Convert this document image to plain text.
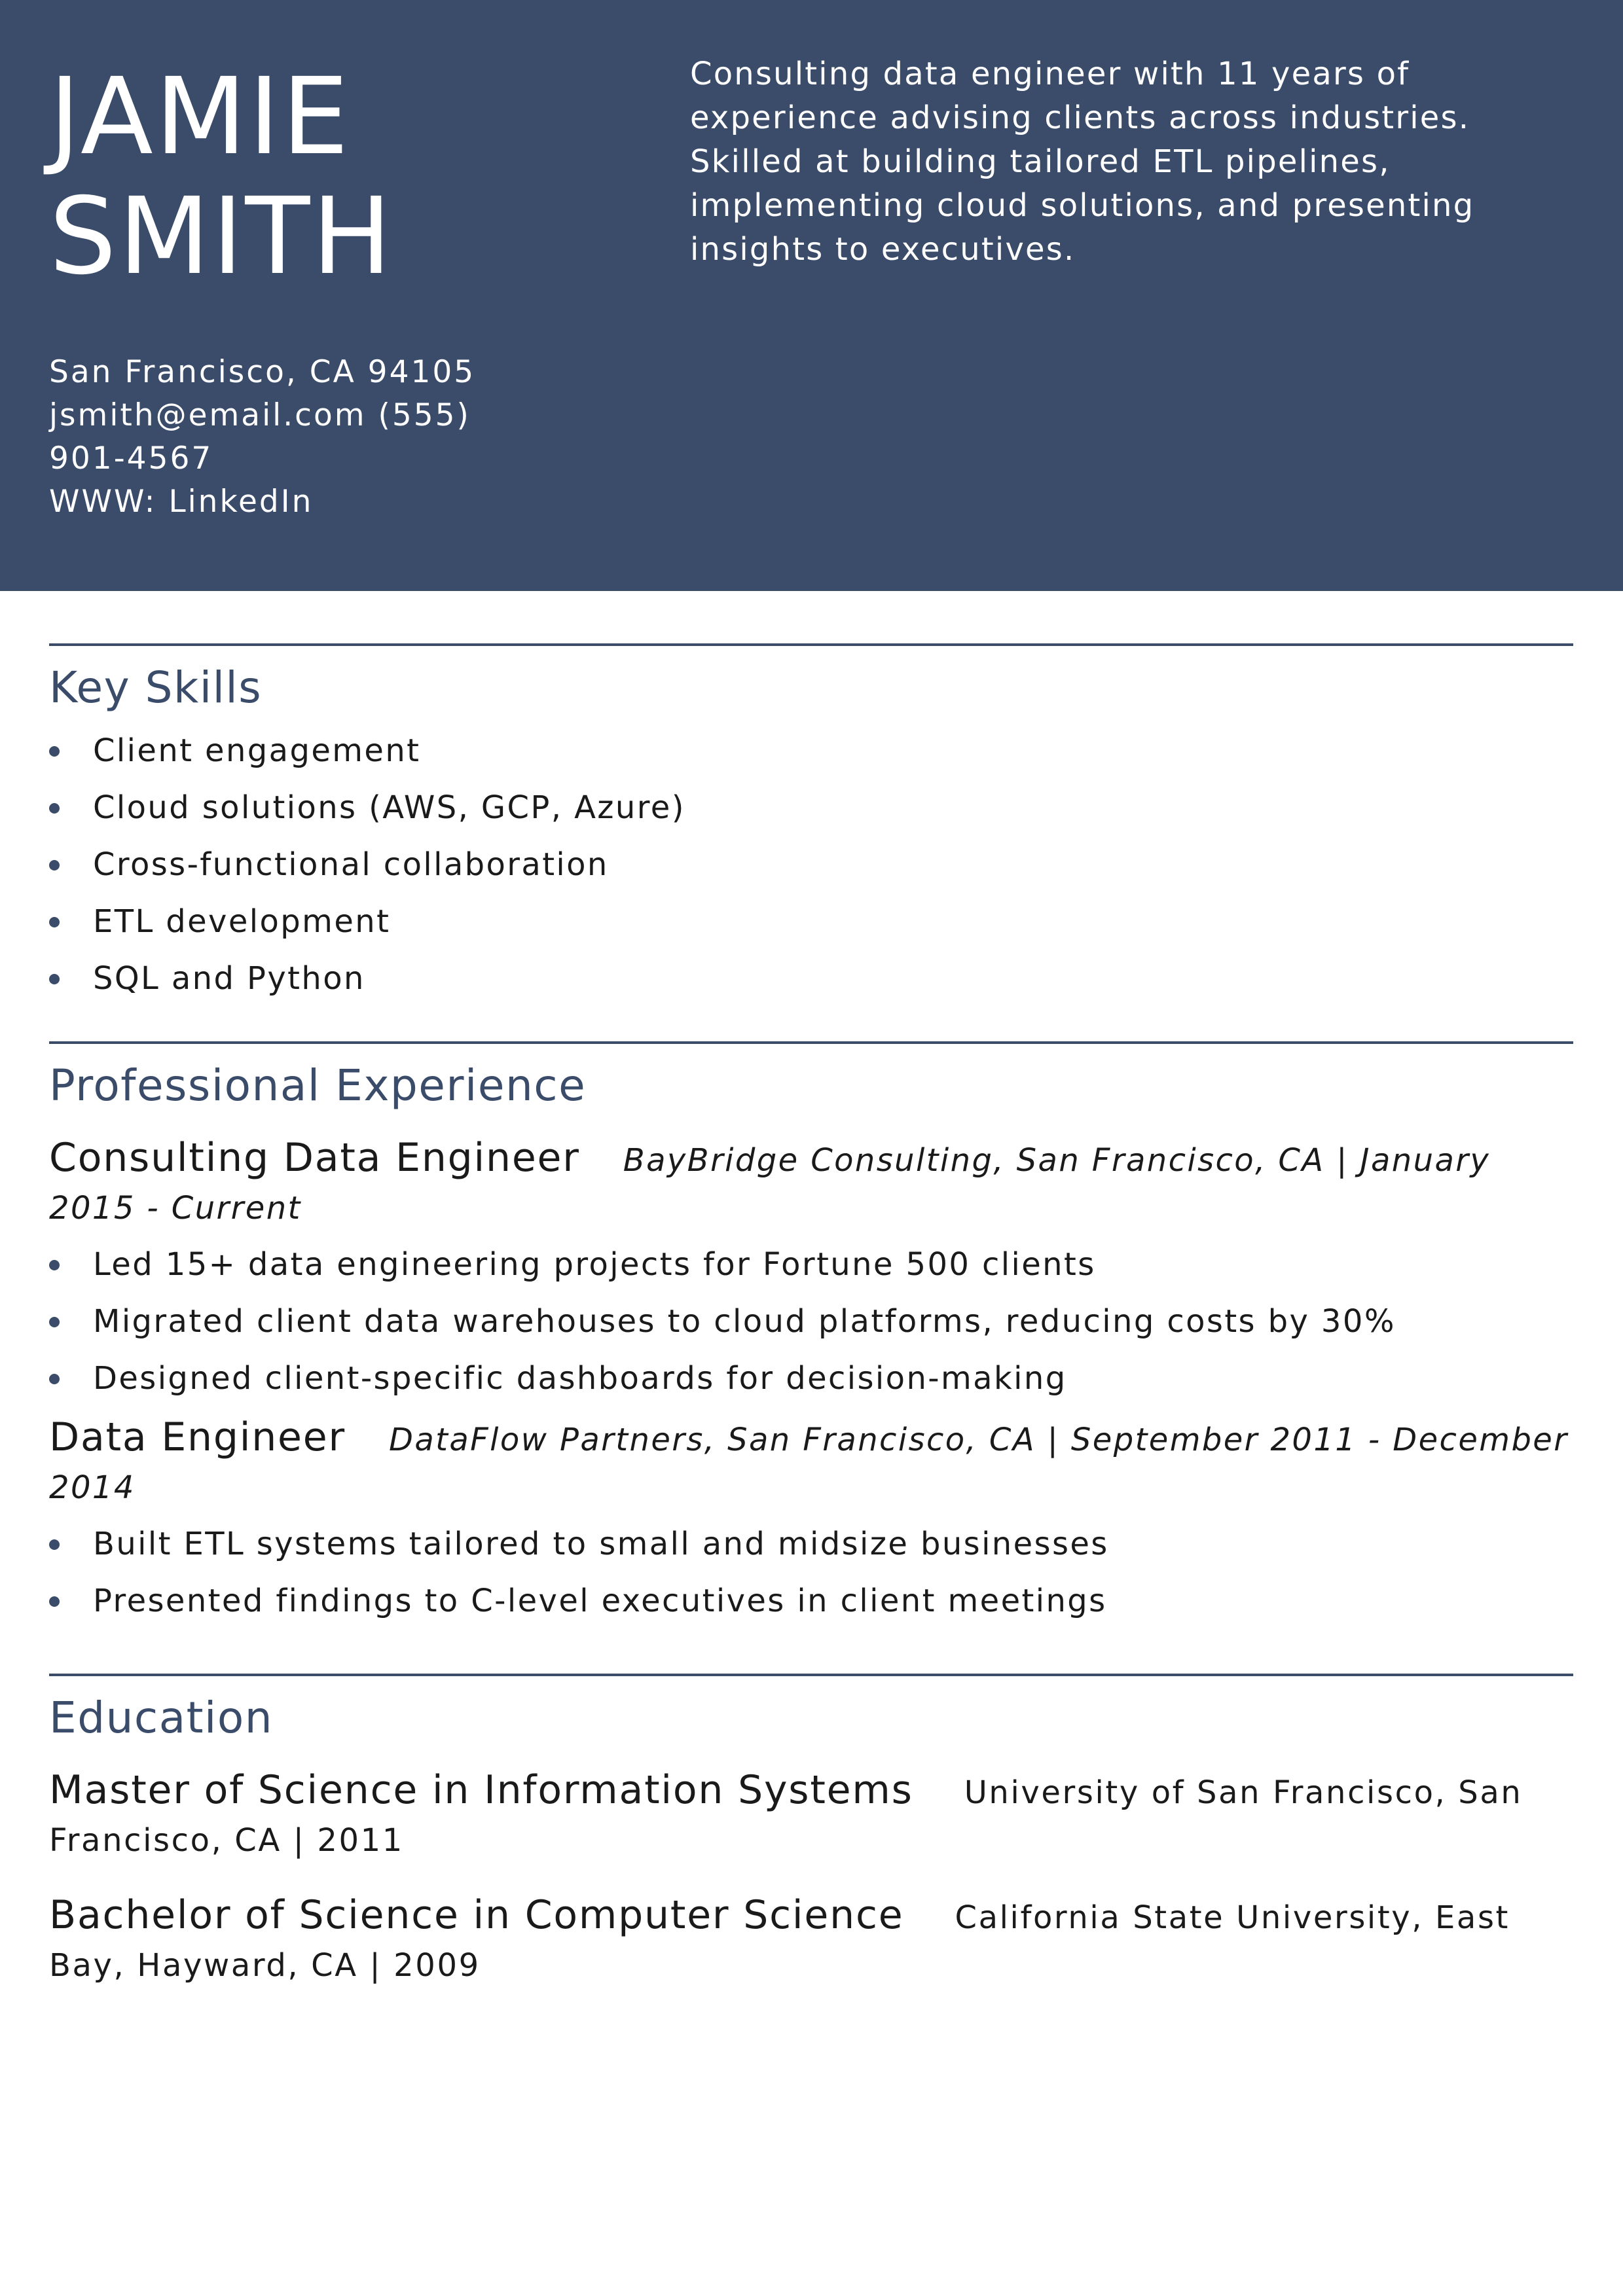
JAMIE
SMITH
Consulting data engineer with 11 years of experience advising clients across industries. Skilled at building tailored ETL pipelines, implementing cloud solutions, and presenting insights to executives.
San Francisco, CA 94105
jsmith@email.com (555)
901-4567
WWW: LinkedIn
Key Skills
Client engagement
Cloud solutions (AWS, GCP, Azure)
Cross-functional collaboration
ETL development
SQL and Python
Professional Experience
Consulting Data Engineer BayBridge Consulting, San Francisco, CA | January 2015 - Current
Led 15+ data engineering projects for Fortune 500 clients
Migrated client data warehouses to cloud platforms, reducing costs by 30%
Designed client-specific dashboards for decision-making
Data Engineer DataFlow Partners, San Francisco, CA | September 2011 - December 2014
Built ETL systems tailored to small and midsize businesses
Presented findings to C-level executives in client meetings
Education
Master of Science in Information Systems University of San Francisco, San Francisco, CA | 2011
Bachelor of Science in Computer Science California State University, East Bay, Hayward, CA | 2009
